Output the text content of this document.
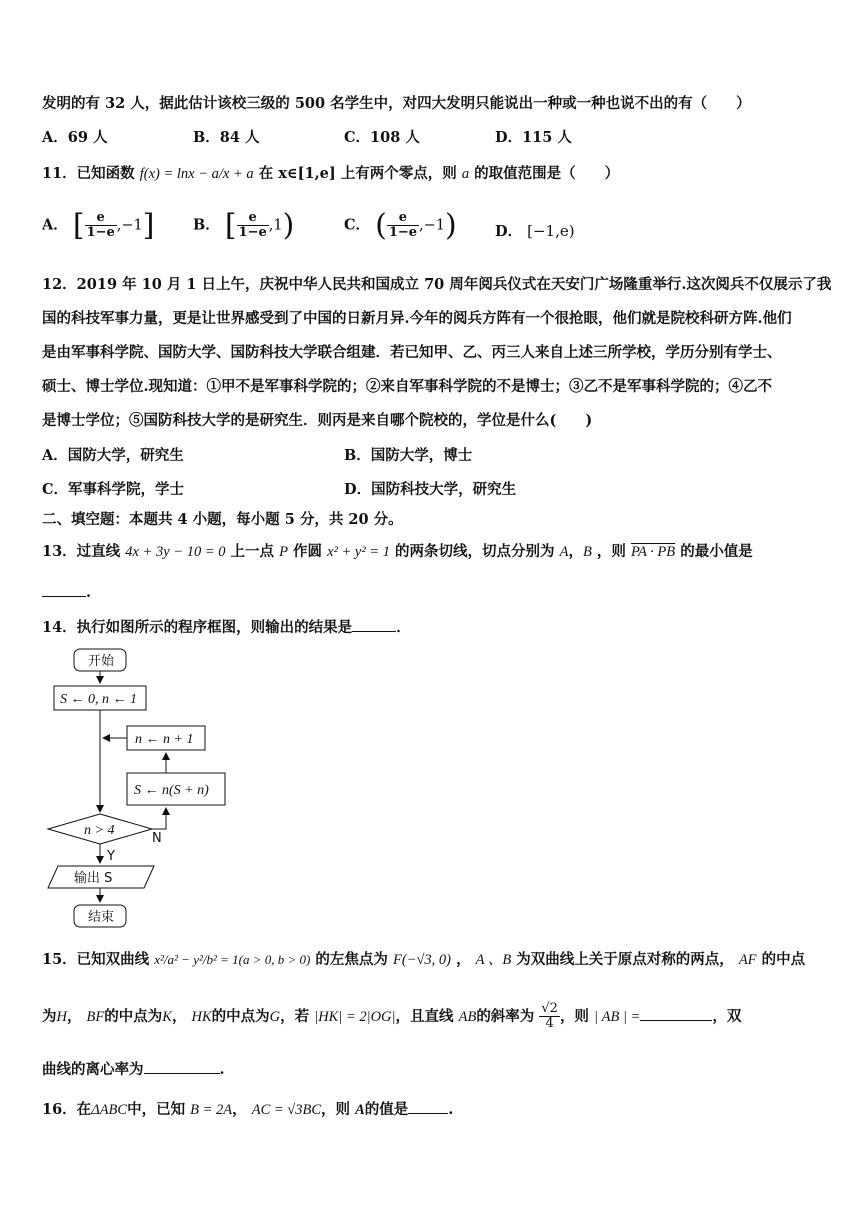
发明的有 32 人，据此估计该校三级的 500 名学生中，对四大发明只能说出一种或一种也说不出的有（　　）
A．69 人	B．84 人	C．108 人	D．115 人
11．已知函数 f(x) = lnx − a/x + a 在 x∈[1,e] 上有两个零点，则 a 的取值范围是（　　）
A． [ $\frac{e}{1-e} ,-1$]	B． [ $\frac{e}{1-e} ,1$)	C． ( $\frac{e}{1-e} ,-1$)	D． [−1,e)
12．2019 年 10 月 1 日上午，庆祝中华人民共和国成立 70 周年阅兵仪式在天安门广场隆重举行.这次阅兵不仅展示了我
国的科技军事力量，更是让世界感受到了中国的日新月异.今年的阅兵方阵有一个很抢眼，他们就是院校科研方阵.他们
是由军事科学院、国防大学、国防科技大学联合组建．若已知甲、乙、丙三人来自上述三所学校，学历分别有学士、
硕士、博士学位.现知道：①甲不是军事科学院的；②来自军事科学院的不是博士；③乙不是军事科学院的；④乙不
是博士学位；⑤国防科技大学的是研究生．则丙是来自哪个院校的，学位是什么(　　)
A．国防大学，研究生	B．国防大学，博士
C．军事科学院，学士	D．国防科技大学，研究生
二、填空题：本题共 4 小题，每小题 5 分，共 20 分。
13．过直线 4x + 3y − 10 = 0 上一点 P 作圆 x² + y² = 1 的两条切线，切点分别为 A，B ，则 PA · PB 的最小值是
.
14．执行如图所示的程序框图，则输出的结果是	．
开始
S ← 0, n ← 1
n ← n + 1
S ← n(S + n)
n > 4
N
Y
输出 S
结束
15．已知双曲线 x²/a² − y²/b² = 1(a > 0, b > 0) 的左焦点为 F(−√3, 0) ， A 、B 为双曲线上关于原点对称的两点， AF 的中点
为H， BF的中点为K， HK的中点为G，若 |HK| = 2|OG|，且直线 AB的斜率为 $\frac{√2}{4}$ ，则 | AB | =	，双
曲线的离心率为	.
16．在ΔABC中，已知 B = 2A， AC = √3BC，则 A的值是	.
